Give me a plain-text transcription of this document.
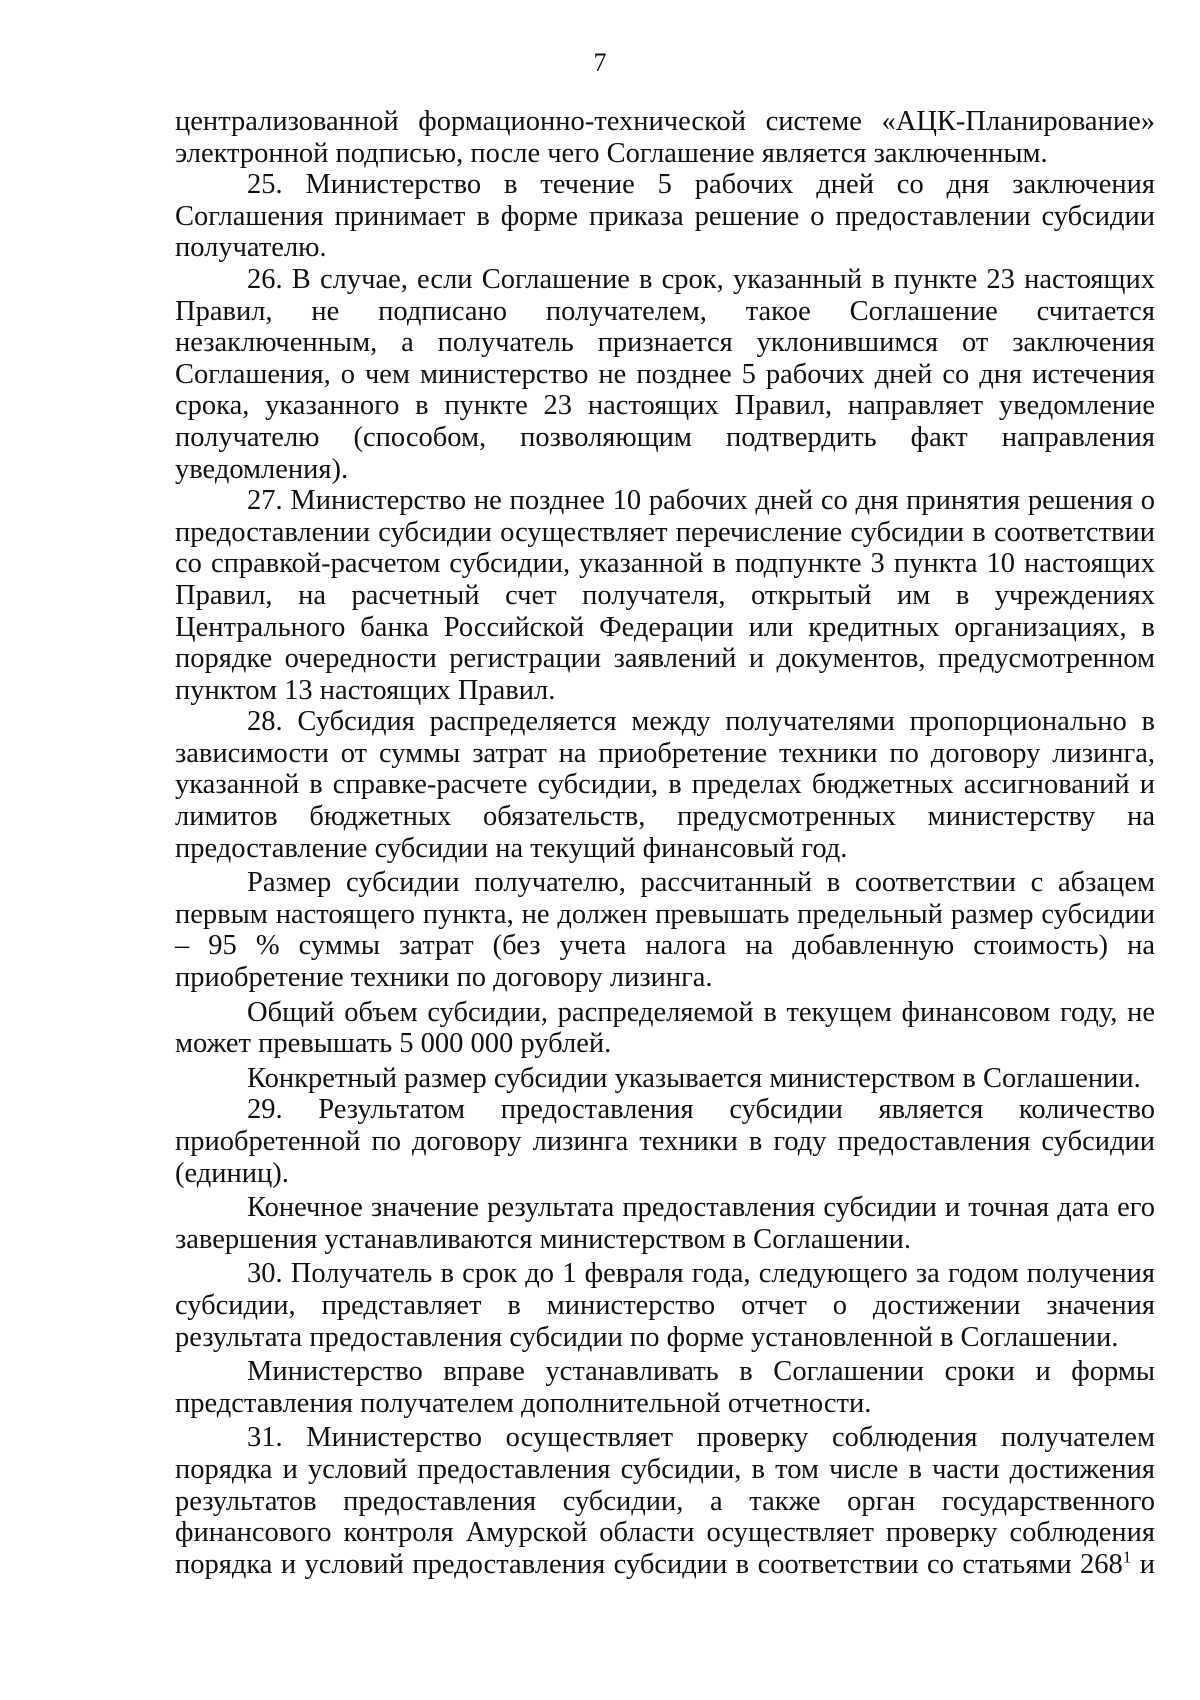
7

централизованной формационно-технической системе «АЦК-Планирование» электронной подписью, после чего Соглашение является заключенным.

25. Министерство в течение 5 рабочих дней со дня заключения Соглашения принимает в форме приказа решение о предоставлении субсидии получателю.

26. В случае, если Соглашение в срок, указанный в пункте 23 настоящих Правил, не подписано получателем, такое Соглашение считается незаключенным, а получатель признается уклонившимся от заключения Соглашения, о чем министерство не позднее 5 рабочих дней со дня истечения срока, указанного в пункте 23 настоящих Правил, направляет уведомление получателю (способом, позволяющим подтвердить факт направления уведомления).

27. Министерство не позднее 10 рабочих дней со дня принятия решения о предоставлении субсидии осуществляет перечисление субсидии в соответствии со справкой-расчетом субсидии, указанной в подпункте 3 пункта 10 настоящих Правил, на расчетный счет получателя, открытый им в учреждениях Центрального банка Российской Федерации или кредитных организациях, в порядке очередности регистрации заявлений и документов, предусмотренном пунктом 13 настоящих Правил.

28. Субсидия распределяется между получателями пропорционально в зависимости от суммы затрат на приобретение техники по договору лизинга, указанной в справке-расчете субсидии, в пределах бюджетных ассигнований и лимитов бюджетных обязательств, предусмотренных министерству на предоставление субсидии на текущий финансовый год.

Размер субсидии получателю, рассчитанный в соответствии с абзацем первым настоящего пункта, не должен превышать предельный размер субсидии – 95 % суммы затрат (без учета налога на добавленную стоимость) на приобретение техники по договору лизинга.

Общий объем субсидии, распределяемой в текущем финансовом году, не может превышать 5 000 000 рублей.

Конкретный размер субсидии указывается министерством в Соглашении.

29. Результатом предоставления субсидии является количество приобретенной по договору лизинга техники в году предоставления субсидии (единиц).

Конечное значение результата предоставления субсидии и точная дата его завершения устанавливаются министерством в Соглашении.

30. Получатель в срок до 1 февраля года, следующего за годом получения субсидии, представляет в министерство отчет о достижении значения результата предоставления субсидии по форме установленной в Соглашении.

Министерство вправе устанавливать в Соглашении сроки и формы представления получателем дополнительной отчетности.

31. Министерство осуществляет проверку соблюдения получателем порядка и условий предоставления субсидии, в том числе в части достижения результатов предоставления субсидии, а также орган государственного финансового контроля Амурской области осуществляет проверку соблюдения порядка и условий предоставления субсидии в соответствии со статьями $268^1$ и
